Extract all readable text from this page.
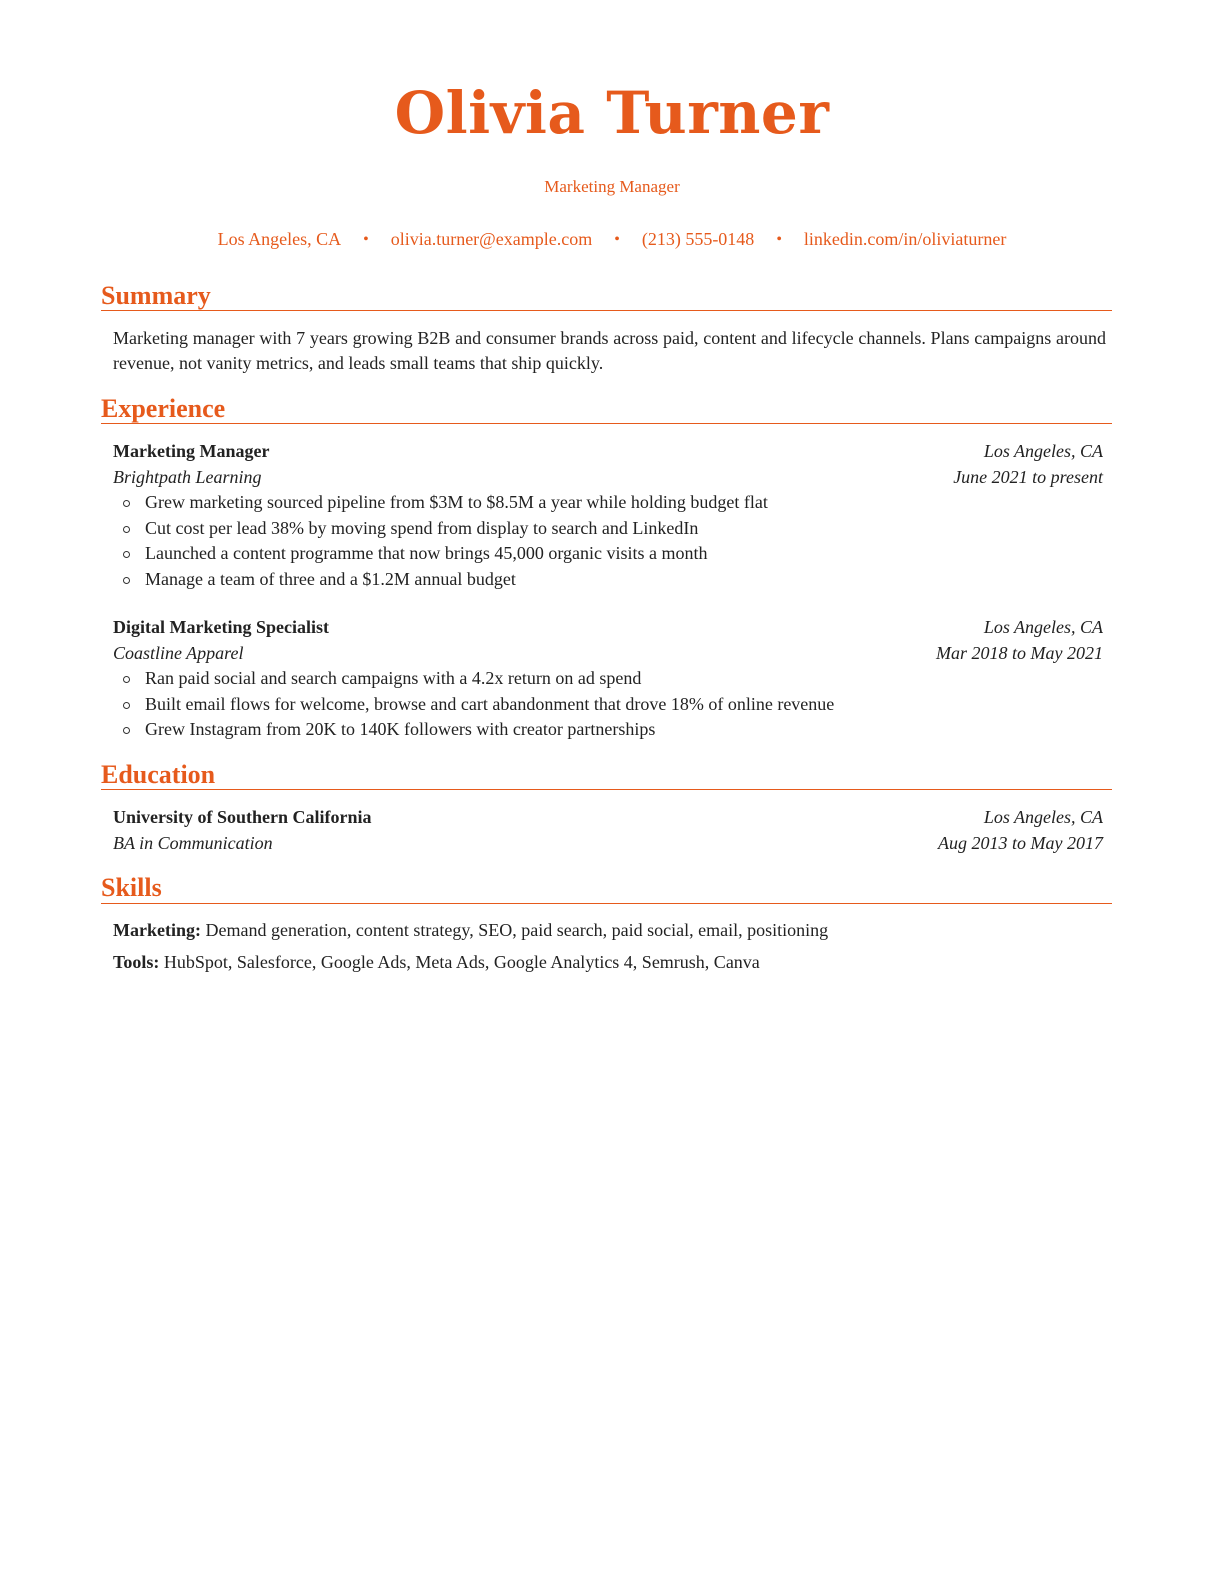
Olivia Turner
Marketing Manager
Los Angeles, CA • olivia.turner@example.com • (213) 555-0148 • linkedin.com/in/oliviaturner
Summary
Marketing manager with 7 years growing B2B and consumer brands across paid, content and lifecycle channels. Plans campaigns around revenue, not vanity metrics, and leads small teams that ship quickly.
Experience
Marketing Manager	Los Angeles, CA
Brightpath Learning	June 2021 to present
Grew marketing sourced pipeline from $3M to $8.5M a year while holding budget flat
Cut cost per lead 38% by moving spend from display to search and LinkedIn
Launched a content programme that now brings 45,000 organic visits a month
Manage a team of three and a $1.2M annual budget
Digital Marketing Specialist	Los Angeles, CA
Coastline Apparel	Mar 2018 to May 2021
Ran paid social and search campaigns with a 4.2x return on ad spend
Built email flows for welcome, browse and cart abandonment that drove 18% of online revenue
Grew Instagram from 20K to 140K followers with creator partnerships
Education
University of Southern California	Los Angeles, CA
BA in Communication	Aug 2013 to May 2017
Skills
Marketing: Demand generation, content strategy, SEO, paid search, paid social, email, positioning
Tools: HubSpot, Salesforce, Google Ads, Meta Ads, Google Analytics 4, Semrush, Canva
